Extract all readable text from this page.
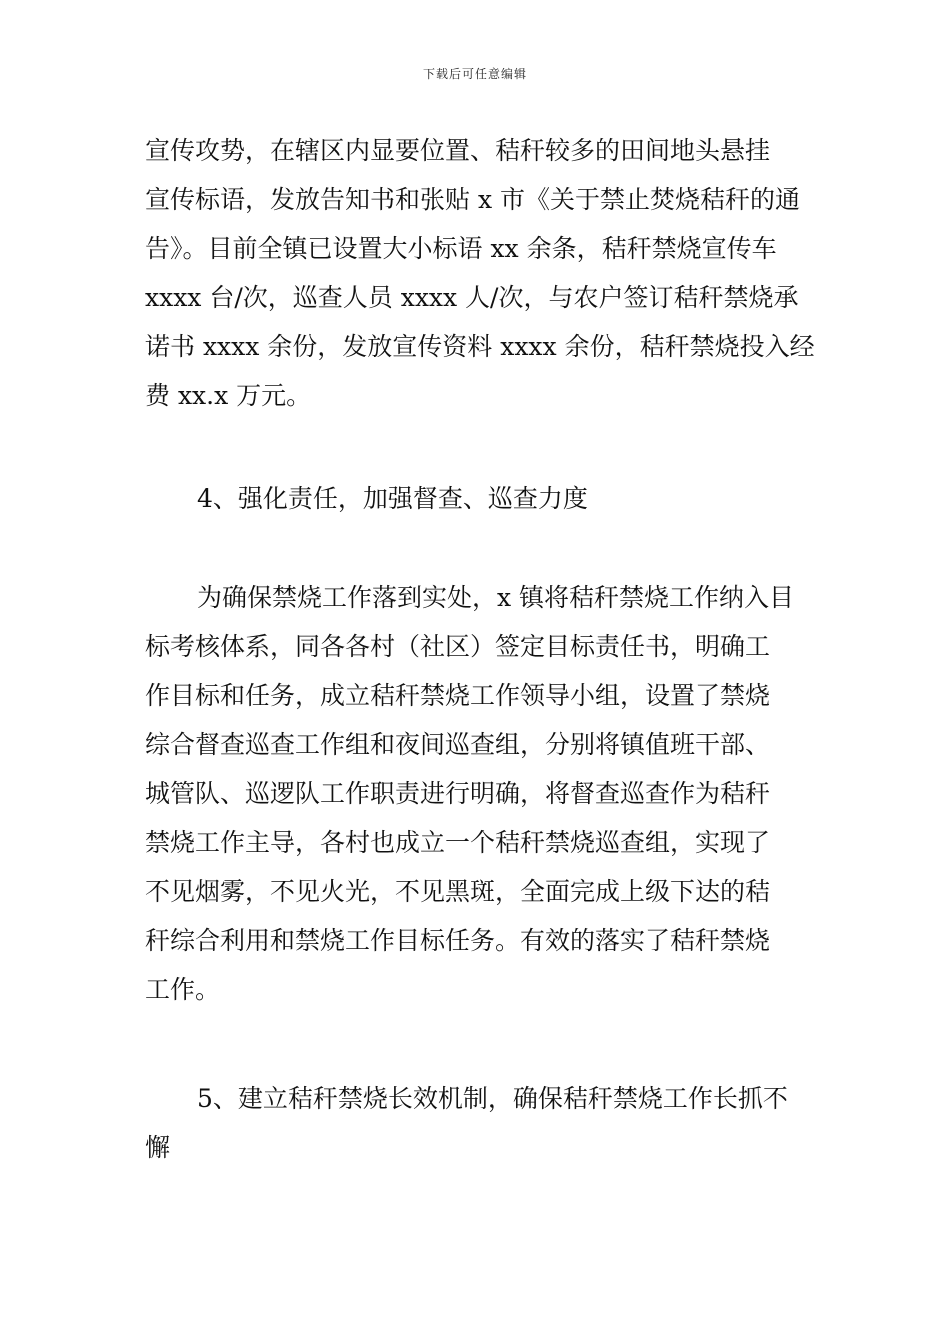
下载后可任意编辑
宣传攻势，在辖区内显要位置、秸秆较多的田间地头悬挂
宣传标语，发放告知书和张贴 x 市《关于禁止焚烧秸秆的通
告》。目前全镇已设置大小标语 xx 余条，秸秆禁烧宣传车
xxxx 台/次，巡查人员 xxxx 人/次，与农户签订秸秆禁烧承
诺书 xxxx 余份，发放宣传资料 xxxx 余份，秸秆禁烧投入经
费 xx.x 万元。
4、强化责任，加强督查、巡查力度
为确保禁烧工作落到实处，x 镇将秸秆禁烧工作纳入目
标考核体系，同各各村（社区）签定目标责任书，明确工
作目标和任务，成立秸秆禁烧工作领导小组，设置了禁烧
综合督查巡查工作组和夜间巡查组，分别将镇值班干部、
城管队、巡逻队工作职责进行明确，将督查巡查作为秸秆
禁烧工作主导，各村也成立一个秸秆禁烧巡查组，实现了
不见烟雾，不见火光，不见黑斑，全面完成上级下达的秸
秆综合利用和禁烧工作目标任务。有效的落实了秸秆禁烧
工作。
5、建立秸秆禁烧长效机制，确保秸秆禁烧工作长抓不
懈
